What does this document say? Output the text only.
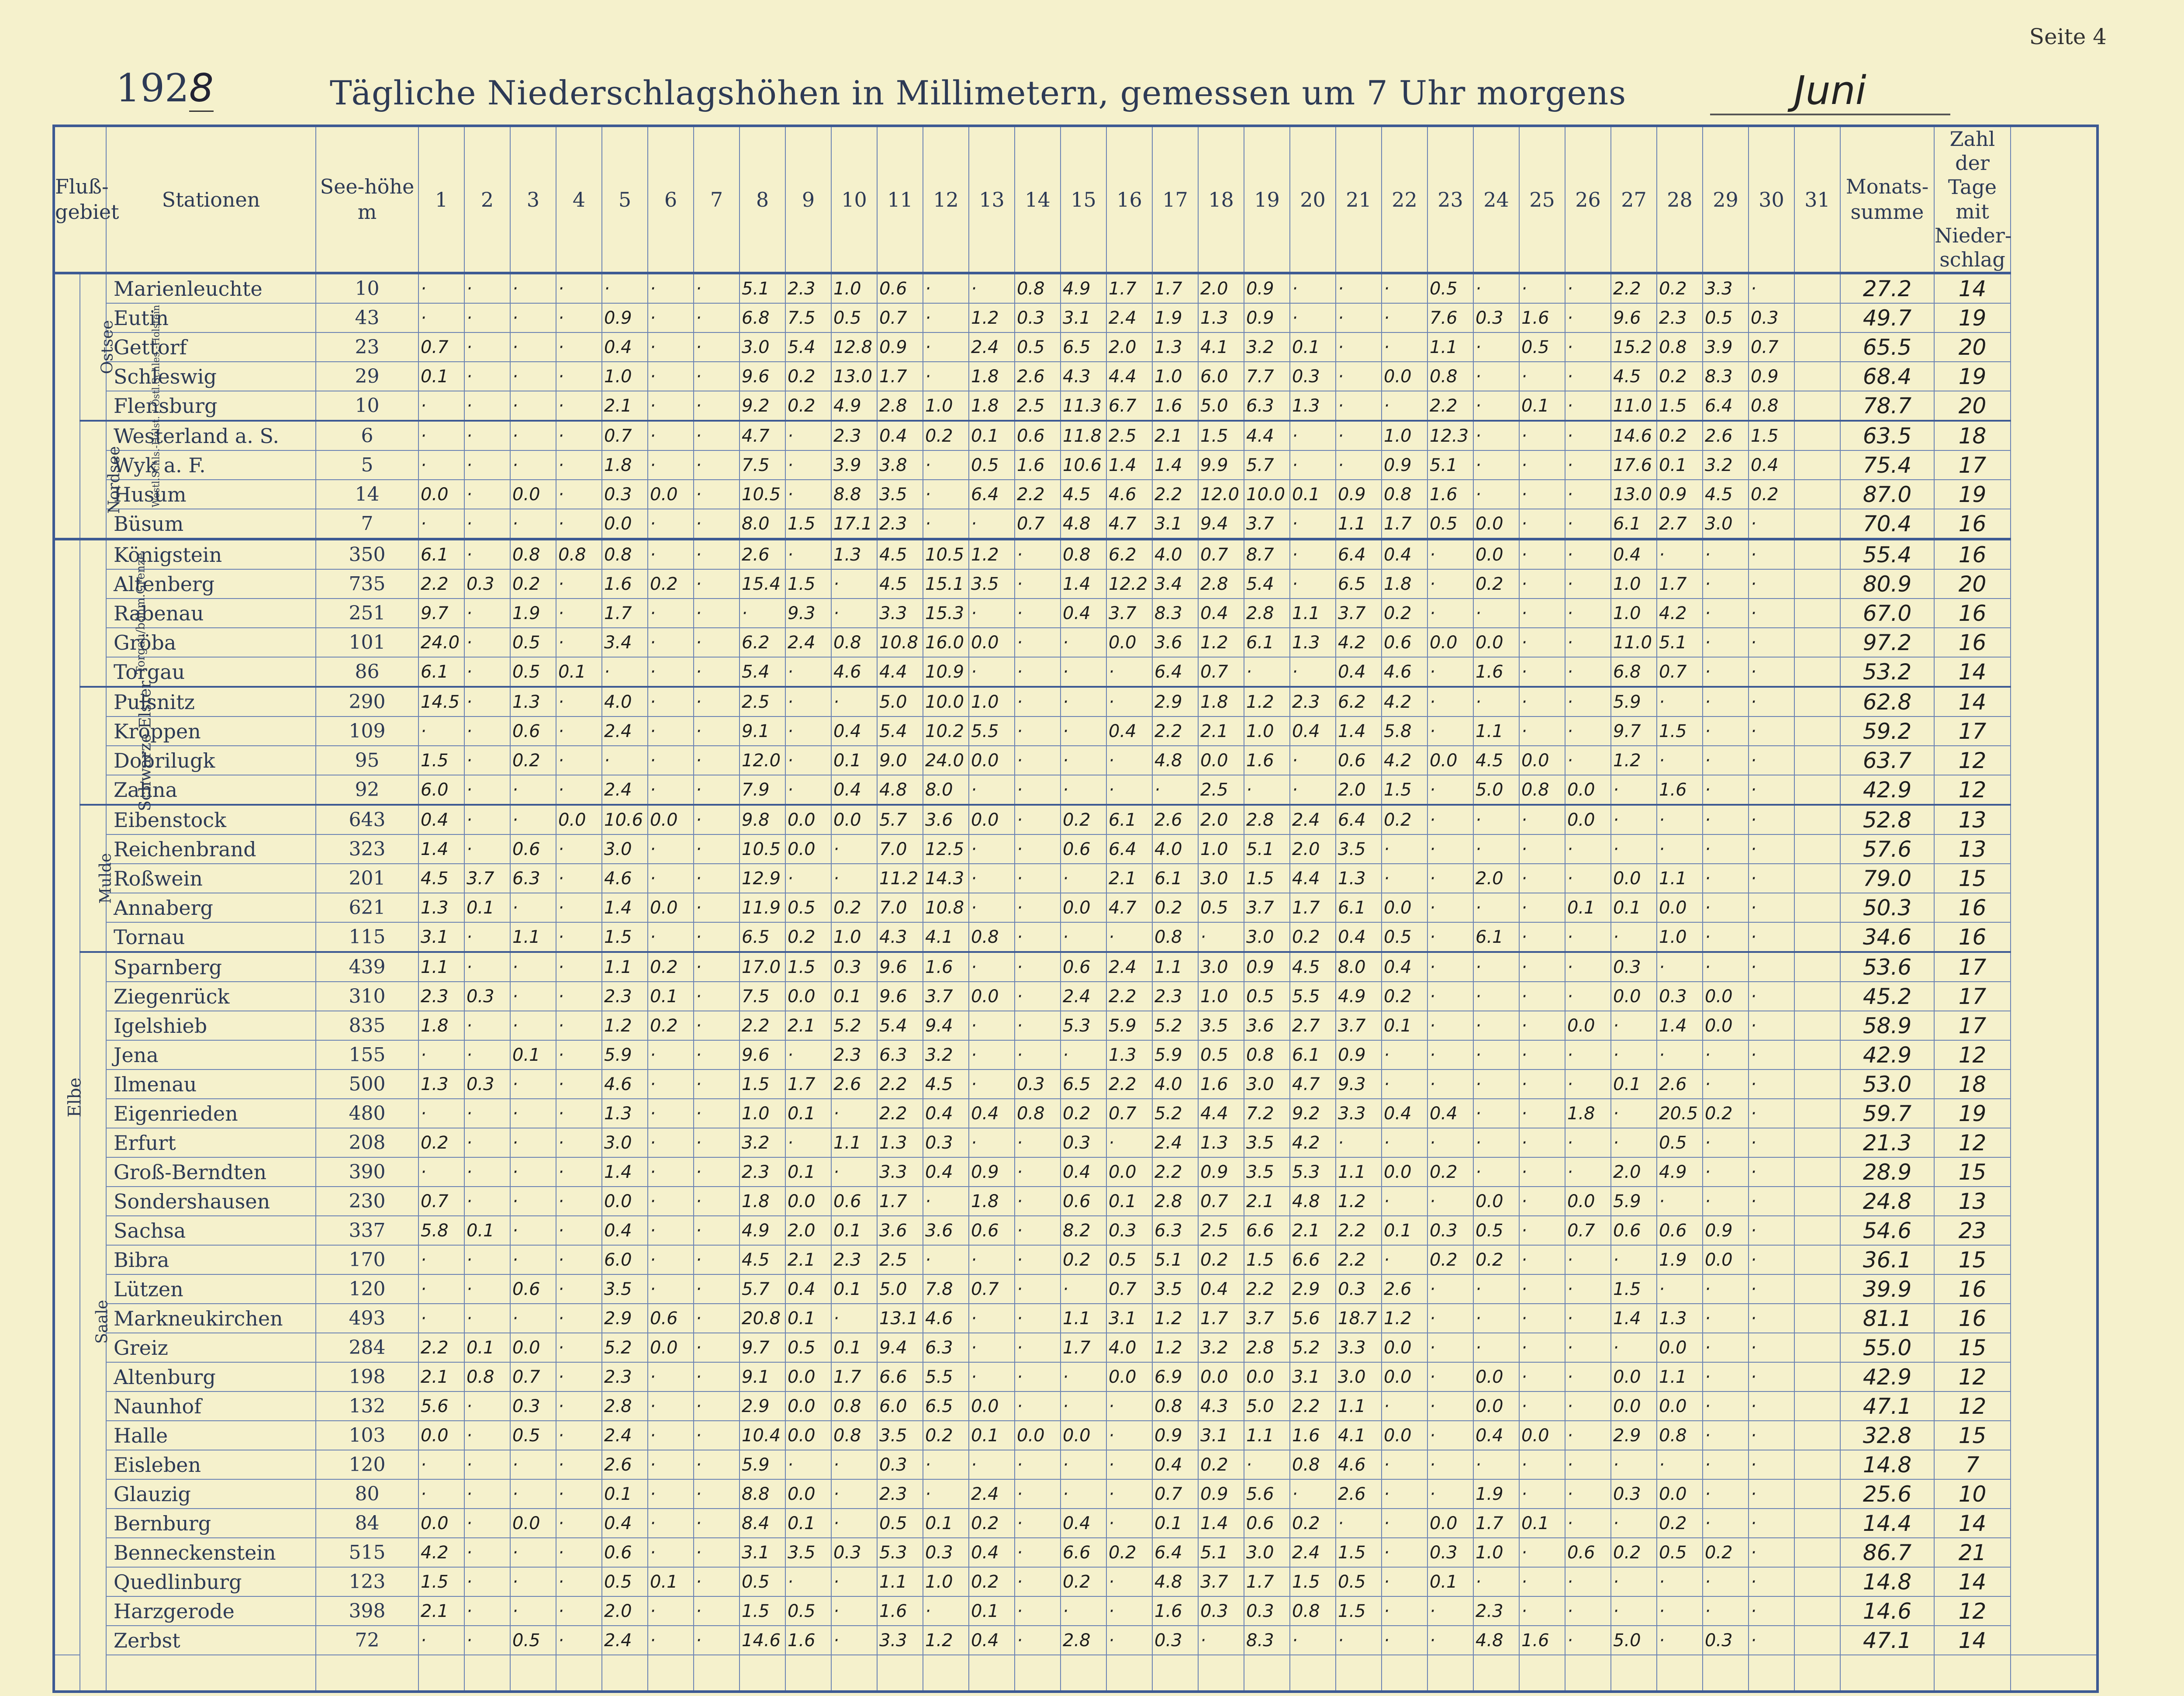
Seite 4
1928	Tägliche Niederschlagshöhen in Millimetern, gemessen um 7 Uhr morgens	Juni
Fluß-gebiet		Stationen	See-höhe m	1	2	3	4	5	6	7	8	9	10	11	12	13	14	15	16	17	18	19	20	21	22	23	24	25	26	27	28	29	30	31	Monats-summe	Zahl der Tage mit Nieder-schlag	
Westl.Schls.-Holst. / Östl.Schles.-Holstein	Ostsee	Marienleuchte	10	·	·	·	·	·	·	·	5.1	2.3	1.0	0.6	·	·	0.8	4.9	1.7	1.7	2.0	0.9	·	·	·	0.5	·	·	·	2.2	0.2	3.3	·		27.2	14	
		Eutin	43	·	·	·	·	0.9	·	·	6.8	7.5	0.5	0.7	·	1.2	0.3	3.1	2.4	1.9	1.3	0.9	·	·	·	7.6	0.3	1.6	·	9.6	2.3	0.5	0.3		49.7	19	
		Gettorf	23	0.7	·	·	·	0.4	·	·	3.0	5.4	12.8	0.9	·	2.4	0.5	6.5	2.0	1.3	4.1	3.2	0.1	·	·	1.1	·	0.5	·	15.2	0.8	3.9	0.7		65.5	20	
		Schleswig	29	0.1	·	·	·	1.0	·	·	9.6	0.2	13.0	1.7	·	1.8	2.6	4.3	4.4	1.0	6.0	7.7	0.3	·	0.0	0.8	·	·	·	4.5	0.2	8.3	0.9		68.4	19	
		Flensburg	10	·	·	·	·	2.1	·	·	9.2	0.2	4.9	2.8	1.0	1.8	2.5	11.3	6.7	1.6	5.0	6.3	1.3	·	·	2.2	·	0.1	·	11.0	1.5	6.4	0.8		78.7	20	
	Nordsee	Westerland a. S.	6	·	·	·	·	0.7	·	·	4.7	·	2.3	0.4	0.2	0.1	0.6	11.8	2.5	2.1	1.5	4.4	·	·	1.0	12.3	·	·	·	14.6	0.2	2.6	1.5		63.5	18	
		Wyk a. F.	5	·	·	·	·	1.8	·	·	7.5	·	3.9	3.8	·	0.5	1.6	10.6	1.4	1.4	9.9	5.7	·	·	0.9	5.1	·	·	·	17.6	0.1	3.2	0.4		75.4	17	
		Husum	14	0.0	·	0.0	·	0.3	0.0	·	10.5	·	8.8	3.5	·	6.4	2.2	4.5	4.6	2.2	12.0	10.0	0.1	0.9	0.8	1.6	·	·	·	13.0	0.9	4.5	0.2		87.0	19	
		Büsum	7	·	·	·	·	0.0	·	·	8.0	1.5	17.1	2.3	·	·	0.7	4.8	4.7	3.1	9.4	3.7	·	1.1	1.7	0.5	0.0	·	·	6.1	2.7	3.0	·		70.4	16	
Elbe	Torgau/böhm.Grenze	Königstein	350	6.1	·	0.8	0.8	0.8	·	·	2.6	·	1.3	4.5	10.5	1.2	·	0.8	6.2	4.0	0.7	8.7	·	6.4	0.4	·	0.0	·	·	0.4	·	·	·		55.4	16	
		Altenberg	735	2.2	0.3	0.2	·	1.6	0.2	·	15.4	1.5	·	4.5	15.1	3.5	·	1.4	12.2	3.4	2.8	5.4	·	6.5	1.8	·	0.2	·	·	1.0	1.7	·	·		80.9	20	
		Rabenau	251	9.7	·	1.9	·	1.7	·	·	·	9.3	·	3.3	15.3	·	·	0.4	3.7	8.3	0.4	2.8	1.1	3.7	0.2	·	·	·	·	1.0	4.2	·	·		67.0	16	
		Gröba	101	24.0	·	0.5	·	3.4	·	·	6.2	2.4	0.8	10.8	16.0	0.0	·	·	0.0	3.6	1.2	6.1	1.3	4.2	0.6	0.0	0.0	·	·	11.0	5.1	·	·		97.2	16	
		Torgau	86	6.1	·	0.5	0.1	·	·	·	5.4	·	4.6	4.4	10.9	·	·	·	·	6.4	0.7	·	·	0.4	4.6	·	1.6	·	·	6.8	0.7	·	·		53.2	14	
	Schwarze Elster	Pulsnitz	290	14.5	·	1.3	·	4.0	·	·	2.5	·	·	5.0	10.0	1.0	·	·	·	2.9	1.8	1.2	2.3	6.2	4.2	·	·	·	·	5.9	·	·	·		62.8	14	
		Kroppen	109	·	·	0.6	·	2.4	·	·	9.1	·	0.4	5.4	10.2	5.5	·	·	0.4	2.2	2.1	1.0	0.4	1.4	5.8	·	1.1	·	·	9.7	1.5	·	·		59.2	17	
		Dobrilugk	95	1.5	·	0.2	·	·	·	·	12.0	·	0.1	9.0	24.0	0.0	·	·	·	4.8	0.0	1.6	·	0.6	4.2	0.0	4.5	0.0	·	1.2	·	·	·		63.7	12	
		Zahna	92	6.0	·	·	·	2.4	·	·	7.9	·	0.4	4.8	8.0	·	·	·	·	·	2.5	·	·	2.0	1.5	·	5.0	0.8	0.0	·	1.6	·	·		42.9	12	
	Mulde	Eibenstock	643	0.4	·	·	0.0	10.6	0.0	·	9.8	0.0	0.0	5.7	3.6	0.0	·	0.2	6.1	2.6	2.0	2.8	2.4	6.4	0.2	·	·	·	0.0	·	·	·	·		52.8	13	
		Reichenbrand	323	1.4	·	0.6	·	3.0	·	·	10.5	0.0	·	7.0	12.5	·	·	0.6	6.4	4.0	1.0	5.1	2.0	3.5	·	·	·	·	·	·	·	·	·		57.6	13	
		Roßwein	201	4.5	3.7	6.3	·	4.6	·	·	12.9	·	·	11.2	14.3	·	·	·	2.1	6.1	3.0	1.5	4.4	1.3	·	·	2.0	·	·	0.0	1.1	·	·		79.0	15	
		Annaberg	621	1.3	0.1	·	·	1.4	0.0	·	11.9	0.5	0.2	7.0	10.8	·	·	0.0	4.7	0.2	0.5	3.7	1.7	6.1	0.0	·	·	·	0.1	0.1	0.0	·	·		50.3	16	
		Tornau	115	3.1	·	1.1	·	1.5	·	·	6.5	0.2	1.0	4.3	4.1	0.8	·	·	·	0.8	·	3.0	0.2	0.4	0.5	·	6.1	·	·	·	1.0	·	·		34.6	16	
	Saale	Sparnberg	439	1.1	·	·	·	1.1	0.2	·	17.0	1.5	0.3	9.6	1.6	·	·	0.6	2.4	1.1	3.0	0.9	4.5	8.0	0.4	·	·	·	·	0.3	·	·	·		53.6	17	
		Ziegenrück	310	2.3	0.3	·	·	2.3	0.1	·	7.5	0.0	0.1	9.6	3.7	0.0	·	2.4	2.2	2.3	1.0	0.5	5.5	4.9	0.2	·	·	·	·	0.0	0.3	0.0	·		45.2	17	
		Igelshieb	835	1.8	·	·	·	1.2	0.2	·	2.2	2.1	5.2	5.4	9.4	·	·	5.3	5.9	5.2	3.5	3.6	2.7	3.7	0.1	·	·	·	0.0	·	1.4	0.0	·		58.9	17	
		Jena	155	·	·	0.1	·	5.9	·	·	9.6	·	2.3	6.3	3.2	·	·	·	1.3	5.9	0.5	0.8	6.1	0.9	·	·	·	·	·	·	·	·	·		42.9	12	
		Ilmenau	500	1.3	0.3	·	·	4.6	·	·	1.5	1.7	2.6	2.2	4.5	·	0.3	6.5	2.2	4.0	1.6	3.0	4.7	9.3	·	·	·	·	·	0.1	2.6	·	·		53.0	18	
		Eigenrieden	480	·	·	·	·	1.3	·	·	1.0	0.1	·	2.2	0.4	0.4	0.8	0.2	0.7	5.2	4.4	7.2	9.2	3.3	0.4	0.4	·	·	1.8	·	20.5	0.2	·		59.7	19	
		Erfurt	208	0.2	·	·	·	3.0	·	·	3.2	·	1.1	1.3	0.3	·	·	0.3	·	2.4	1.3	3.5	4.2	·	·	·	·	·	·	·	0.5	·	·		21.3	12	
		Groß-Berndten	390	·	·	·	·	1.4	·	·	2.3	0.1	·	3.3	0.4	0.9	·	0.4	0.0	2.2	0.9	3.5	5.3	1.1	0.0	0.2	·	·	·	2.0	4.9	·	·		28.9	15	
		Sondershausen	230	0.7	·	·	·	0.0	·	·	1.8	0.0	0.6	1.7	·	1.8	·	0.6	0.1	2.8	0.7	2.1	4.8	1.2	·	·	0.0	·	0.0	5.9	·	·	·		24.8	13	
		Sachsa	337	5.8	0.1	·	·	0.4	·	·	4.9	2.0	0.1	3.6	3.6	0.6	·	8.2	0.3	6.3	2.5	6.6	2.1	2.2	0.1	0.3	0.5	·	0.7	0.6	0.6	0.9	·		54.6	23	
		Bibra	170	·	·	·	·	6.0	·	·	4.5	2.1	2.3	2.5	·	·	·	0.2	0.5	5.1	0.2	1.5	6.6	2.2	·	0.2	0.2	·	·	·	1.9	0.0	·		36.1	15	
		Lützen	120	·	·	0.6	·	3.5	·	·	5.7	0.4	0.1	5.0	7.8	0.7	·	·	0.7	3.5	0.4	2.2	2.9	0.3	2.6	·	·	·	·	1.5	·	·	·		39.9	16	
		Markneukirchen	493	·	·	·	·	2.9	0.6	·	20.8	0.1	·	13.1	4.6	·	·	1.1	3.1	1.2	1.7	3.7	5.6	18.7	1.2	·	·	·	·	1.4	1.3	·	·		81.1	16	
		Greiz	284	2.2	0.1	0.0	·	5.2	0.0	·	9.7	0.5	0.1	9.4	6.3	·	·	1.7	4.0	1.2	3.2	2.8	5.2	3.3	0.0	·	·	·	·	·	0.0	·	·		55.0	15	
		Altenburg	198	2.1	0.8	0.7	·	2.3	·	·	9.1	0.0	1.7	6.6	5.5	·	·	·	0.0	6.9	0.0	0.0	3.1	3.0	0.0	·	0.0	·	·	0.0	1.1	·	·		42.9	12	
		Naunhof	132	5.6	·	0.3	·	2.8	·	·	2.9	0.0	0.8	6.0	6.5	0.0	·	·	·	0.8	4.3	5.0	2.2	1.1	·	·	0.0	·	·	0.0	0.0	·	·		47.1	12	
		Halle	103	0.0	·	0.5	·	2.4	·	·	10.4	0.0	0.8	3.5	0.2	0.1	0.0	0.0	·	0.9	3.1	1.1	1.6	4.1	0.0	·	0.4	0.0	·	2.9	0.8	·	·		32.8	15	
		Eisleben	120	·	·	·	·	2.6	·	·	5.9	·	·	0.3	·	·	·	·	·	0.4	0.2	·	0.8	4.6	·	·	·	·	·	·	·	·	·		14.8	7	
		Glauzig	80	·	·	·	·	0.1	·	·	8.8	0.0	·	2.3	·	2.4	·	·	·	0.7	0.9	5.6	·	2.6	·	·	1.9	·	·	0.3	0.0	·	·		25.6	10	
		Bernburg	84	0.0	·	0.0	·	0.4	·	·	8.4	0.1	·	0.5	0.1	0.2	·	0.4	·	0.1	1.4	0.6	0.2	·	·	0.0	1.7	0.1	·	·	0.2	·	·		14.4	14	
		Benneckenstein	515	4.2	·	·	·	0.6	·	·	3.1	3.5	0.3	5.3	0.3	0.4	·	6.6	0.2	6.4	5.1	3.0	2.4	1.5	·	0.3	1.0	·	0.6	0.2	0.5	0.2	·		86.7	21	
		Quedlinburg	123	1.5	·	·	·	0.5	0.1	·	0.5	·	·	1.1	1.0	0.2	·	0.2	·	4.8	3.7	1.7	1.5	0.5	·	0.1	·	·	·	·	·	·	·		14.8	14	
		Harzgerode	398	2.1	·	·	·	2.0	·	·	1.5	0.5	·	1.6	·	0.1	·	·	·	1.6	0.3	0.3	0.8	1.5	·	·	2.3	·	·	·	·	·	·		14.6	12	
		Zerbst	72	·	·	0.5	·	2.4	·	·	14.6	1.6	·	3.3	1.2	0.4	·	2.8	·	0.3	·	8.3	·	·	·	·	4.8	1.6	·	5.0	·	0.3	·		47.1	14	
